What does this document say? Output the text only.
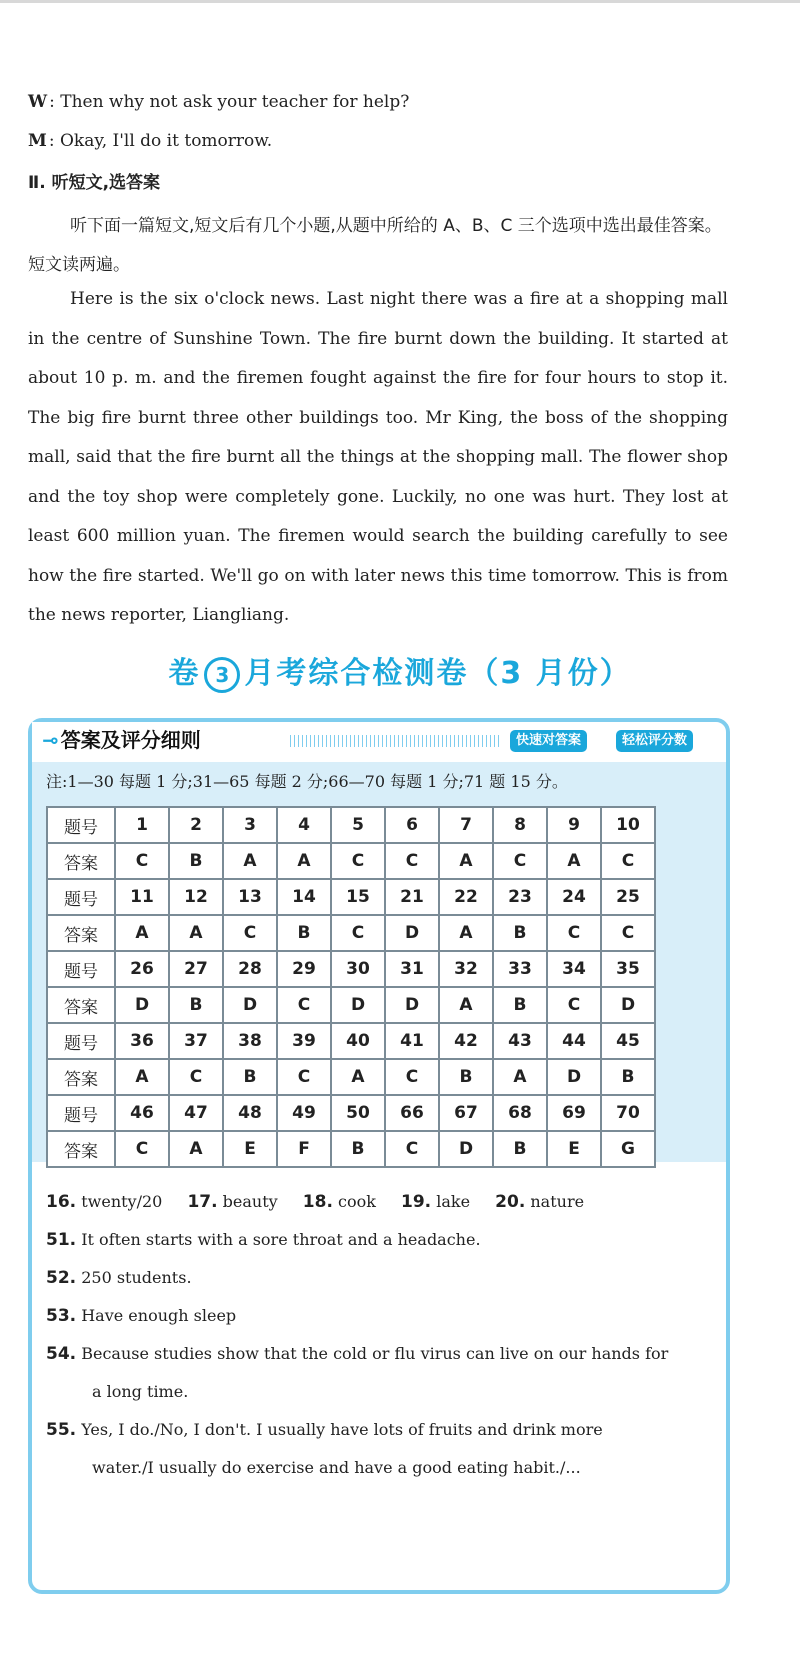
W : Then why not ask your teacher for help?
M : Okay, I'll do it tomorrow.
Ⅱ. 听短文,选答案
听下面一篇短文,短文后有几个小题,从题中所给的 A、B、C 三个选项中选出最佳答案。短文读两遍。
Here is the six o'clock news. Last night there was a fire at a shopping mall in the centre of Sunshine Town. The fire burnt down the building. It started at about 10 p. m. and the firemen fought against the fire for four hours to stop it. The big fire burnt three other buildings too. Mr King, the boss of the shopping mall, said that the fire burnt all the things at the shopping mall. The flower shop and the toy shop were completely gone. Luckily, no one was hurt. They lost at least 600 million yuan. The firemen would search the building carefully to see how the fire started. We'll go on with later news this time tomorrow. This is from the news reporter, Liangliang.
卷 3 月考综合检测卷（3 月份）
⊸ 答案及评分细则	快速对答案	轻松评分数
注:1—30 每题 1 分;31—65 每题 2 分;66—70 每题 1 分;71 题 15 分。
题号	1	2	3	4	5	6	7	8	9	10
答案	C	B	A	A	C	C	A	C	A	C
题号	11	12	13	14	15	21	22	23	24	25
答案	A	A	C	B	C	D	A	B	C	C
题号	26	27	28	29	30	31	32	33	34	35
答案	D	B	D	C	D	D	A	B	C	D
题号	36	37	38	39	40	41	42	43	44	45
答案	A	C	B	C	A	C	B	A	D	B
题号	46	47	48	49	50	66	67	68	69	70
答案	C	A	E	F	B	C	D	B	E	G
16. twenty/20 17. beauty 18. cook 19. lake 20. nature
51. It often starts with a sore throat and a headache.
52. 250 students.
53. Have enough sleep
54. Because studies show that the cold or flu virus can live on our hands for
a long time.
55. Yes, I do./No, I don't. I usually have lots of fruits and drink more
water./I usually do exercise and have a good eating habit./...
